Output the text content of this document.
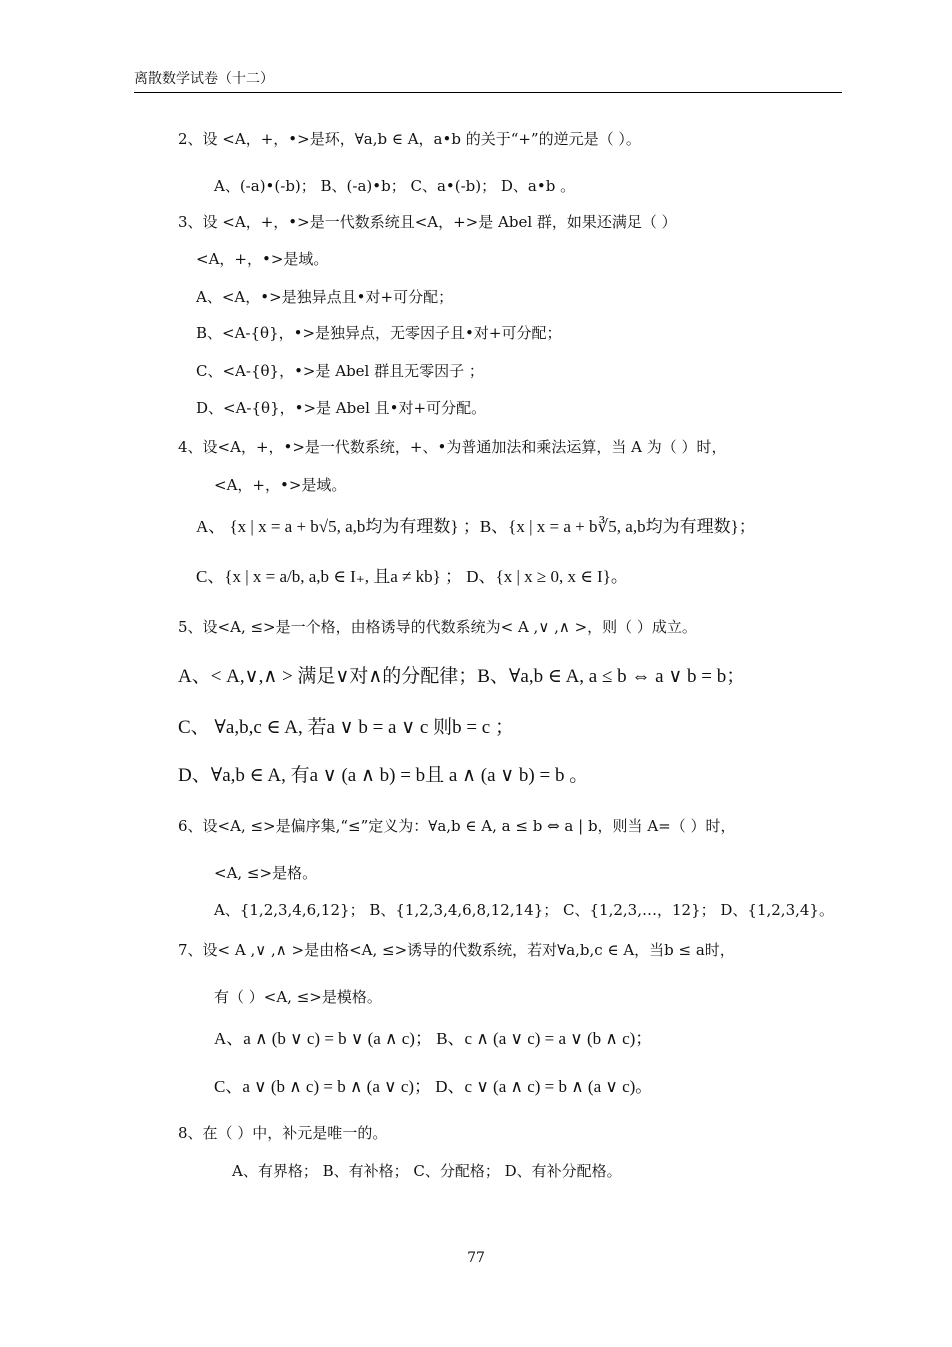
离散数学试卷（十二）
2、设 <A，+，•>是环，∀a,b ∈ A，a•b 的关于“+”的逆元是（ ）。
A、(-a)•(-b)； B、(-a)•b； C、a•(-b)； D、a•b 。
3、设 <A，+，•>是一代数系统且<A，+>是 Abel 群，如果还满足（ ）
<A，+，•>是域。
A、<A，•>是独异点且•对+可分配；
B、<A-{θ}，•>是独异点，无零因子且•对+可分配；
C、<A-{θ}，•>是 Abel 群且无零因子 ；
D、<A-{θ}，•>是 Abel 且•对+可分配。
4、设<A，+，•>是一代数系统，+、•为普通加法和乘法运算，当 A 为（ ）时，
<A，+，•>是域。
A、 {x | x = a + b√5, a,b均为有理数} ；B、{x | x = a + b∛5, a,b均为有理数}；
C、{x | x = a/b, a,b ∈ I₊, 且a ≠ kb} ； D、{x | x ≥ 0, x ∈ I}。
5、设<A, ≤>是一个格，由格诱导的代数系统为< A ,∨ ,∧ >，则（ ）成立。
A、< A,∨,∧ > 满足∨对∧的分配律；B、∀a,b ∈ A, a ≤ b ⇔ a ∨ b = b；
C、 ∀a,b,c ∈ A, 若a ∨ b = a ∨ c 则b = c ；
D、∀a,b ∈ A, 有a ∨ (a ∧ b) = b且 a ∧ (a ∨ b) = b 。
6、设<A, ≤>是偏序集,“≤”定义为：∀a,b ∈ A, a ≤ b ⇔ a | b，则当 A=（ ）时，
<A, ≤>是格。
A、{1,2,3,4,6,12}； B、{1,2,3,4,6,8,12,14}； C、{1,2,3,…，12}； D、{1,2,3,4}。
7、设< A ,∨ ,∧ >是由格<A, ≤>诱导的代数系统，若对∀a,b,c ∈ A，当b ≤ a时，
有（ ）<A, ≤>是模格。
A、a ∧ (b ∨ c) = b ∨ (a ∧ c)； B、c ∧ (a ∨ c) = a ∨ (b ∧ c)；
C、a ∨ (b ∧ c) = b ∧ (a ∨ c)； D、c ∨ (a ∧ c) = b ∧ (a ∨ c)。
8、在（ ）中，补元是唯一的。
A、有界格； B、有补格； C、分配格； D、有补分配格。
77
